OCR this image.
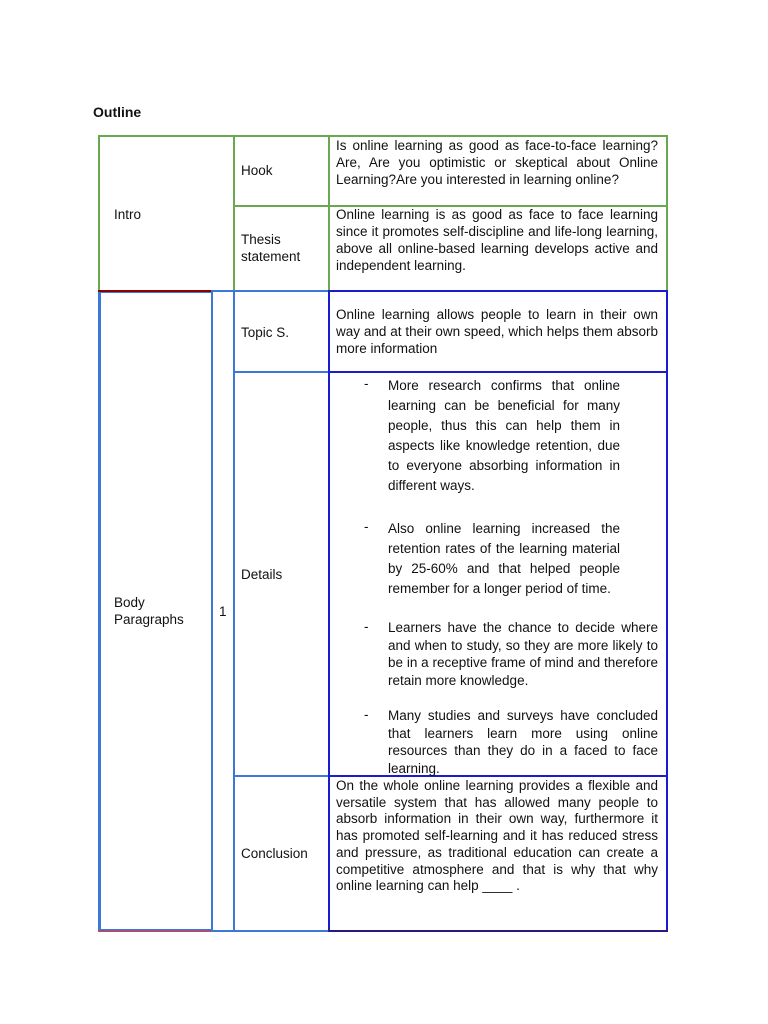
Outline
Intro
Hook
Is online learning as good as face-to-face learning?Are, Are you optimistic or skeptical about Online Learning?Are you interested in learning online?
Thesis statement
Online learning is as good as face to face learning since it promotes self-discipline and life-long learning, above all online-based learning develops active and independent learning.
Body Paragraphs
1
Topic S.
Online learning allows people to learn in their own way and at their own speed, which helps them absorb more information
Details
- More research confirms that online learning can be beneficial for many people, thus this can help them in aspects like knowledge retention, due to everyone absorbing information in different ways.
- Also online learning increased the retention rates of the learning material by 25-60% and that helped people remember for a longer period of time.
- Learners have the chance to decide where and when to study, so they are more likely to be in a receptive frame of mind and therefore retain more knowledge.
- Many studies and surveys have concluded that learners learn more using online resources than they do in a faced to face learning.
Conclusion
On the whole online learning provides a flexible and versatile system that has allowed many people to absorb information in their own way, furthermore it has promoted self-learning and it has reduced stress and pressure, as traditional education can create a competitive atmosphere and that is why that why online learning can help ____ .
